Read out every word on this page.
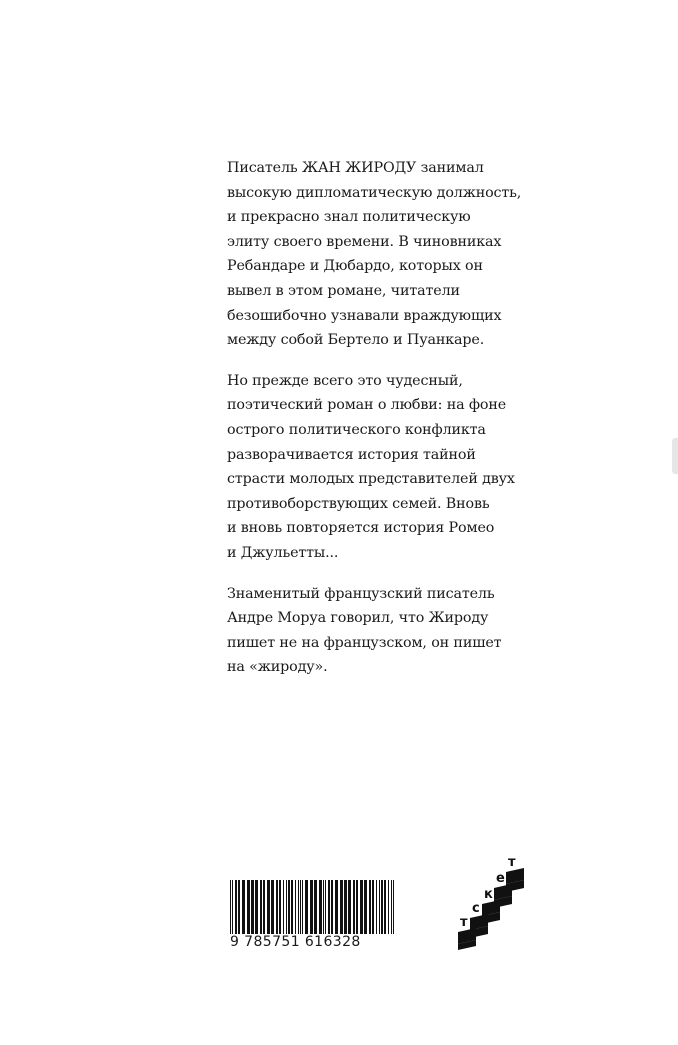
Писатель ЖАН ЖИРОДУ занимал
высокую дипломатическую должность,
и прекрасно знал политическую
элиту своего времени. В чиновниках
Ребандаре и Дюбардо, которых он
вывел в этом романе, читатели
безошибочно узнавали враждующих
между собой Бертело и Пуанкаре.

Но прежде всего это чудесный,
поэтический роман о любви: на фоне
острого политического конфликта
разворачивается история тайной
страсти молодых представителей двух
противоборствующих семей. Вновь
и вновь повторяется история Ромео
и Джульетты...

Знаменитый французский писатель
Андре Моруа говорил, что Жироду
пишет не на французском, он пишет
на «жироду».

9 785751 616328
т
е
к
с
т
